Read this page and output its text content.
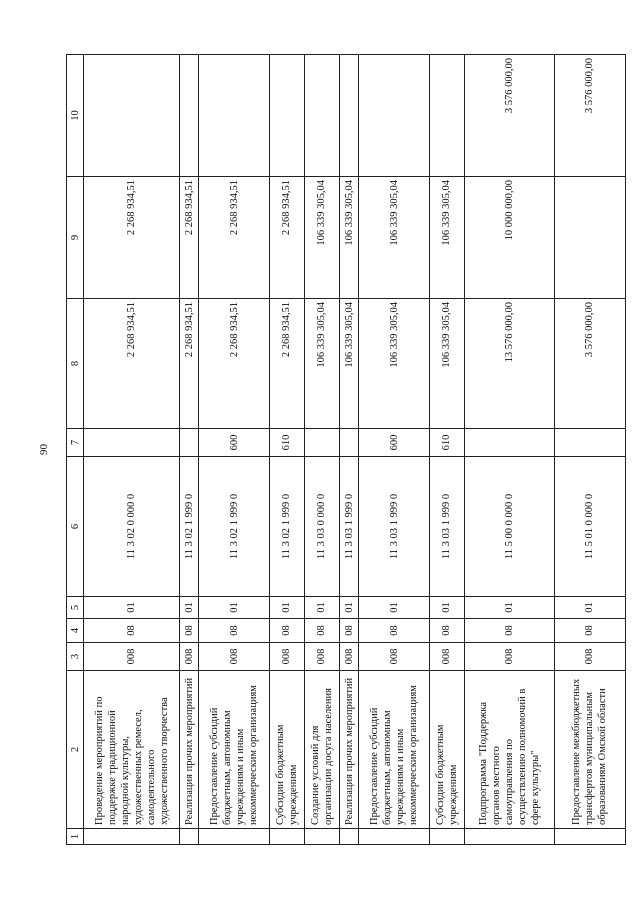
90
1	2	3	4	5	6	7	8	9	10
	Проведение мероприятий по поддержке традиционной народной культуры, художественных ремесел, самодеятельного художественного творчества	008	08	01	11 3 02 0 000 0		2 268 934,51	2 268 934,51	
	Реализация прочих мероприятий	008	08	01	11 3 02 1 999 0		2 268 934,51	2 268 934,51	
	Предоставление субсидий бюджетным, автономным учреждениям и иным некоммерческим организациям	008	08	01	11 3 02 1 999 0	600	2 268 934,51	2 268 934,51	
	Субсидии бюджетным учреждениям	008	08	01	11 3 02 1 999 0	610	2 268 934,51	2 268 934,51	
	Создание условий для организации досуга населения	008	08	01	11 3 03 0 000 0		106 339 305,04	106 339 305,04	
	Реализация прочих мероприятий	008	08	01	11 3 03 1 999 0		106 339 305,04	106 339 305,04	
	Предоставление субсидий бюджетным, автономным учреждениям и иным некоммерческим организациям	008	08	01	11 3 03 1 999 0	600	106 339 305,04	106 339 305,04	
	Субсидии бюджетным учреждениям	008	08	01	11 3 03 1 999 0	610	106 339 305,04	106 339 305,04	
	Подпрограмма "Поддержка органов местного самоуправления по осуществлению полномочий в сфере культуры"	008	08	01	11 5 00 0 000 0		13 576 000,00	10 000 000,00	3 576 000,00
	Предоставление межбюджетных трансфертов муниципальным образованиям Омской области	008	08	01	11 5 01 0 000 0		3 576 000,00		3 576 000,00
